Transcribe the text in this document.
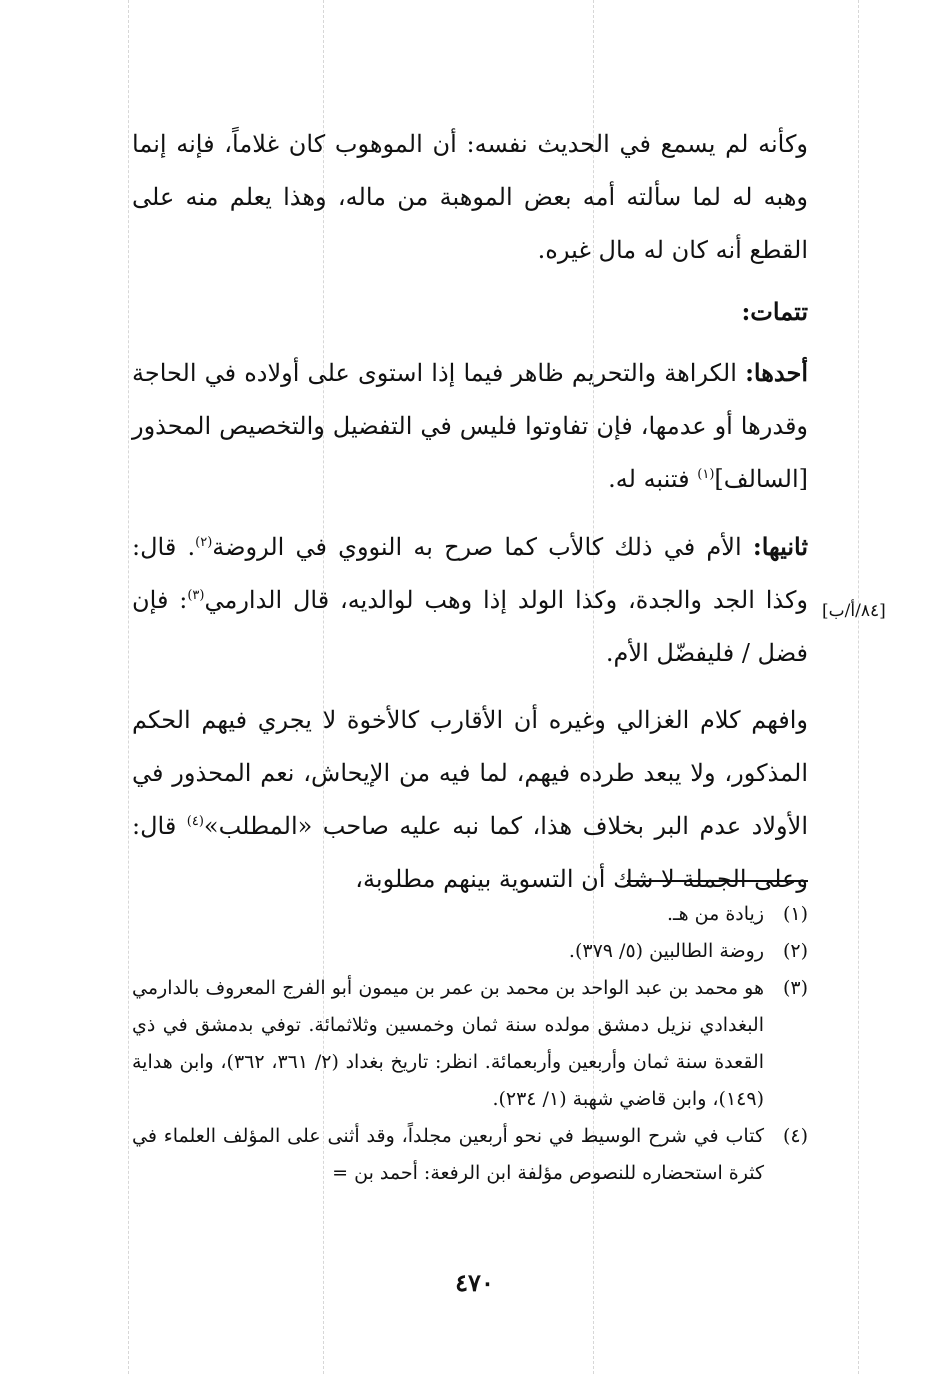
وكأنه لم يسمع في الحديث نفسه: أن الموهوب كان غلاماً، فإنه إنما وهبه له لما سألته أمه بعض الموهبة من ماله، وهذا يعلم منه على القطع أنه كان له مال غيره.

تتمات:

أحدها: الكراهة والتحريم ظاهر فيما إذا استوى على أولاده في الحاجة وقدرها أو عدمها، فإن تفاوتوا فليس في التفضيل والتخصيص المحذور [السالف]$^{(١)}$ فتنبه له.

ثانيها: الأم في ذلك كالأب كما صرح به النووي في الروضة$^{(٢)}$. قال: وكذا الجد والجدة، وكذا الولد إذا وهب لوالديه، قال الدارمي$^{(٣)}$: فإن فضل / فليفضّل الأم.

وافهم كلام الغزالي وغيره أن الأقارب كالأخوة لا يجري فيهم الحكم المذكور، ولا يبعد طرده فيهم، لما فيه من الإيحاش، نعم المحذور في الأولاد عدم البر بخلاف هذا، كما نبه عليه صاحب «المطلب»$^{(٤)}$ قال: وعلى الجملة لا شك أن التسوية بينهم مطلوبة،

[٨٤/أ/ب]
(١)
زيادة من هـ.
(٢)
روضة الطالبين (٥/ ٣٧٩).
(٣)
هو محمد بن عبد الواحد بن محمد بن عمر بن ميمون أبو الفرج المعروف بالدارمي البغدادي نزيل دمشق مولده سنة ثمان وخمسين وثلاثمائة. توفي بدمشق في ذي القعدة سنة ثمان وأربعين وأربعمائة. انظر: تاريخ بغداد (٢/ ٣٦١، ٣٦٢)، وابن هداية (١٤٩)، وابن قاضي شهبة (١/ ٢٣٤).
(٤)
كتاب في شرح الوسيط في نحو أربعين مجلداً، وقد أثنى على المؤلف العلماء في كثرة استحضاره للنصوص مؤلفة ابن الرفعة: أحمد بن =
٤٧٠
